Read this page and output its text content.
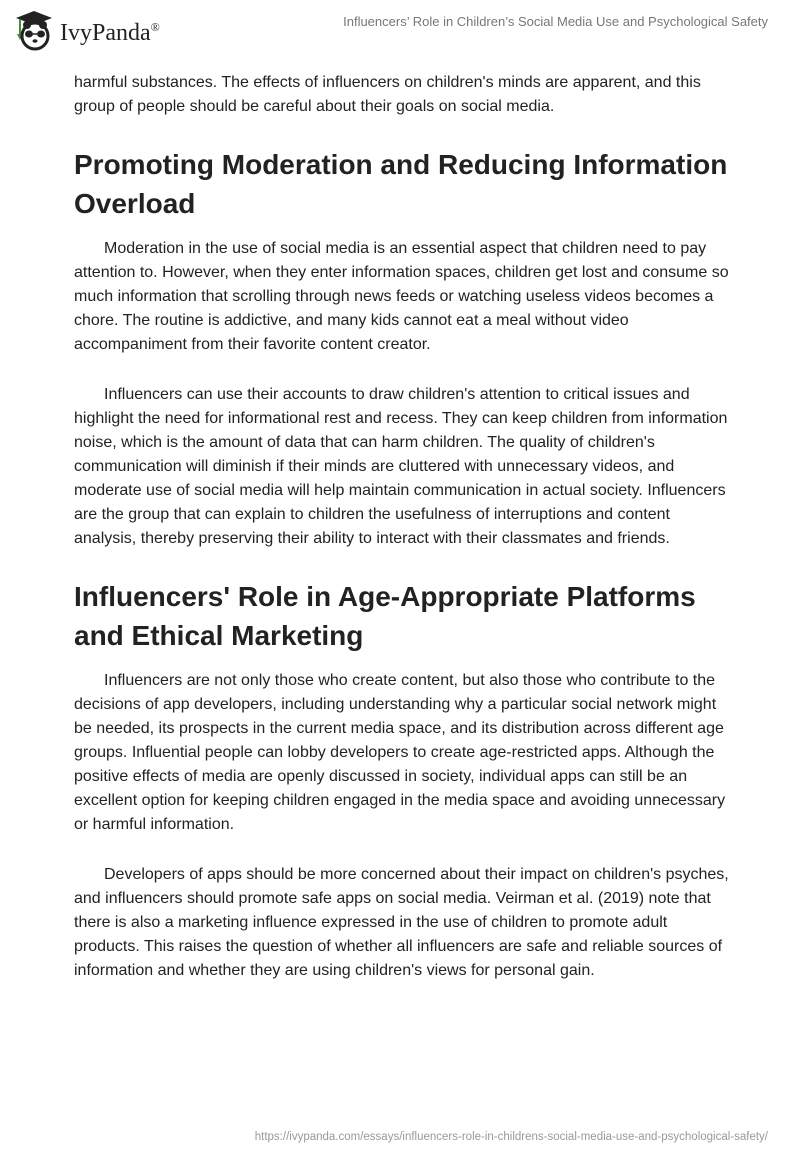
IvyPanda®	Influencers’ Role in Children’s Social Media Use and Psychological Safety

harmful substances. The effects of influencers on children's minds are apparent, and this group of people should be careful about their goals on social media.

Promoting Moderation and Reducing Information Overload

Moderation in the use of social media is an essential aspect that children need to pay attention to. However, when they enter information spaces, children get lost and consume so much information that scrolling through news feeds or watching useless videos becomes a chore. The routine is addictive, and many kids cannot eat a meal without video accompaniment from their favorite content creator.

Influencers can use their accounts to draw children's attention to critical issues and highlight the need for informational rest and recess. They can keep children from information noise, which is the amount of data that can harm children. The quality of children's communication will diminish if their minds are cluttered with unnecessary videos, and moderate use of social media will help maintain communication in actual society. Influencers are the group that can explain to children the usefulness of interruptions and content analysis, thereby preserving their ability to interact with their classmates and friends.

Influencers' Role in Age-Appropriate Platforms and Ethical Marketing

Influencers are not only those who create content, but also those who contribute to the decisions of app developers, including understanding why a particular social network might be needed, its prospects in the current media space, and its distribution across different age groups. Influential people can lobby developers to create age-restricted apps. Although the positive effects of media are openly discussed in society, individual apps can still be an excellent option for keeping children engaged in the media space and avoiding unnecessary or harmful information.

Developers of apps should be more concerned about their impact on children's psyches, and influencers should promote safe apps on social media. Veirman et al. (2019) note that there is also a marketing influence expressed in the use of children to promote adult products. This raises the question of whether all influencers are safe and reliable sources of information and whether they are using children's views for personal gain.

https://ivypanda.com/essays/influencers-role-in-childrens-social-media-use-and-psychological-safety/
